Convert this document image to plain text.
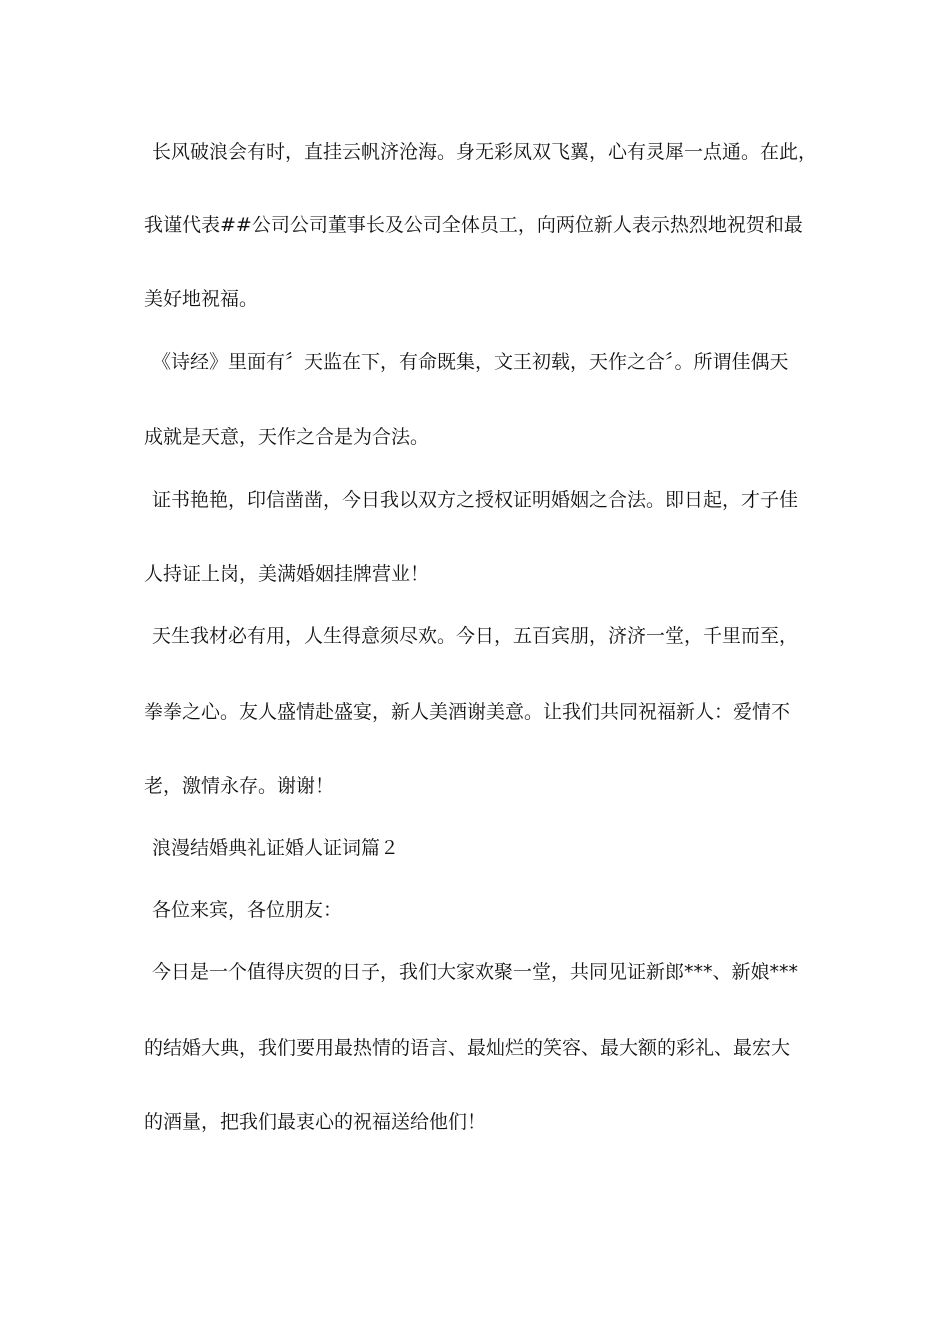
长风破浪会有时，直挂云帆济沧海。身无彩凤双飞翼，心有灵犀一点通。在此，
我谨代表##公司公司董事长及公司全体员工，向两位新人表示热烈地祝贺和最
美好地祝福。
《诗经》里面有〞天监在下，有命既集，文王初载，天作之合〞。所谓佳偶天
成就是天意，天作之合是为合法。
证书艳艳，印信凿凿，今日我以双方之授权证明婚姻之合法。即日起，才子佳
人持证上岗，美满婚姻挂牌营业！
天生我材必有用，人生得意须尽欢。今日，五百宾朋，济济一堂，千里而至，
拳拳之心。友人盛情赴盛宴，新人美酒谢美意。让我们共同祝福新人：爱情不
老，激情永存。谢谢！
浪漫结婚典礼证婚人证词篇２
各位来宾，各位朋友：
今日是一个值得庆贺的日子，我们大家欢聚一堂，共同见证新郎***、新娘***
的结婚大典，我们要用最热情的语言、最灿烂的笑容、最大额的彩礼、最宏大
的酒量，把我们最衷心的祝福送给他们！
